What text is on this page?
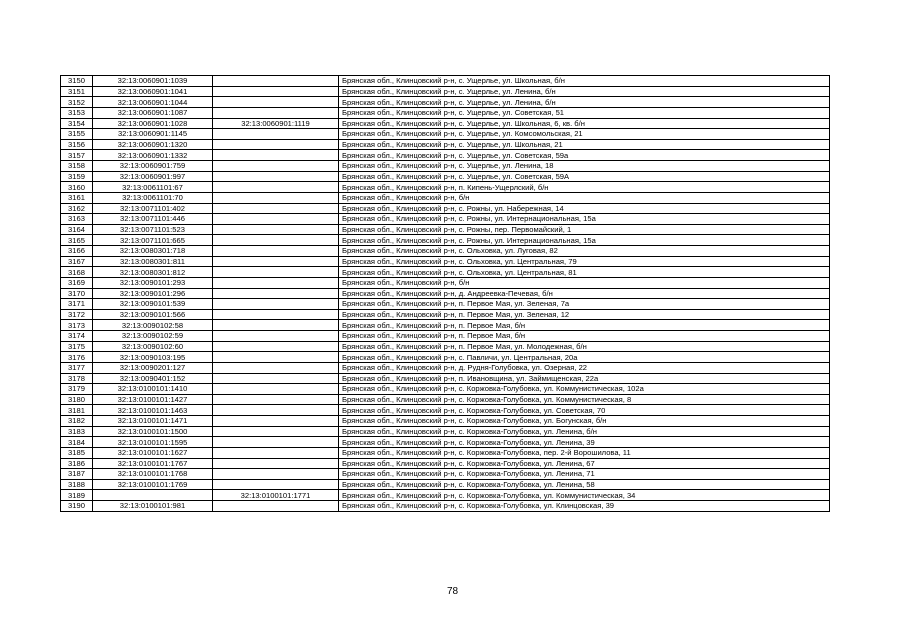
3150	32:13:0060901:1039		Брянская обл., Клинцовский р-н, с. Ущерлье, ул. Школьная, б/н
3151	32:13:0060901:1041		Брянская обл., Клинцовский р-н, с. Ущерлье, ул. Ленина, б/н
3152	32:13:0060901:1044		Брянская обл., Клинцовский р-н, с. Ущерлье, ул. Ленина, б/н
3153	32:13:0060901:1087		Брянская обл., Клинцовский р-н, с. Ущерлье, ул. Советская, 51
3154	32:13:0060901:1028	32:13:0060901:1119	Брянская обл., Клинцовский р-н, с. Ущерлье, ул. Школьная, 6, кв. б/н
3155	32:13:0060901:1145		Брянская обл., Клинцовский р-н, с. Ущерлье, ул. Комсомольская, 21
3156	32:13:0060901:1320		Брянская обл., Клинцовский р-н, с. Ущерлье, ул. Школьная, 21
3157	32:13:0060901:1332		Брянская обл., Клинцовский р-н, с. Ущерлье, ул. Советская, 59а
3158	32:13:0060901:759		Брянская обл., Клинцовский р-н, с. Ущерлье, ул. Ленина, 18
3159	32:13:0060901:997		Брянская обл., Клинцовский р-н, с. Ущерлье, ул. Советская, 59А
3160	32:13:0061101:67		Брянская обл., Клинцовский р-н, п. Кипень-Ущерлский, б/н
3161	32:13:0061101:70		Брянская обл., Клинцовский р-н, б/н
3162	32:13:0071101:402		Брянская обл., Клинцовский р-н, с. Рожны, ул. Набережная, 14
3163	32:13:0071101:446		Брянская обл., Клинцовский р-н, с. Рожны, ул. Интернациональная, 15а
3164	32:13:0071101:523		Брянская обл., Клинцовский р-н, с. Рожны, пер. Первомайский, 1
3165	32:13:0071101:665		Брянская обл., Клинцовский р-н, с. Рожны, ул. Интернациональная, 15а
3166	32:13:0080301:718		Брянская обл., Клинцовский р-н, с. Ольховка, ул. Луговая, 82
3167	32:13:0080301:811		Брянская обл., Клинцовский р-н, с. Ольховка, ул. Центральная, 79
3168	32:13:0080301:812		Брянская обл., Клинцовский р-н, с. Ольховка, ул. Центральная, 81
3169	32:13:0090101:293		Брянская обл., Клинцовский р-н, б/н
3170	32:13:0090101:296		Брянская обл., Клинцовский р-н, д. Андреевка-Печевая, б/н
3171	32:13:0090101:539		Брянская обл., Клинцовский р-н, п. Первое Мая, ул. Зеленая, 7а
3172	32:13:0090101:566		Брянская обл., Клинцовский р-н, п. Первое Мая, ул. Зеленая, 12
3173	32:13:0090102:58		Брянская обл., Клинцовский р-н, п. Первое Мая, б/н
3174	32:13:0090102:59		Брянская обл., Клинцовский р-н, п. Первое Мая, б/н
3175	32:13:0090102:60		Брянская обл., Клинцовский р-н, п. Первое Мая, ул. Молодежная, б/н
3176	32:13:0090103:195		Брянская обл., Клинцовский р-н, с. Павличи, ул. Центральная, 20а
3177	32:13:0090201:127		Брянская обл., Клинцовский р-н, д. Рудня-Голубовка, ул. Озерная, 22
3178	32:13:0090401:152		Брянская обл., Клинцовский р-н, п. Ивановщина, ул. Займищенская, 22а
3179	32:13:0100101:1410		Брянская обл., Клинцовский р-н, с. Коржовка-Голубовка, ул. Коммунистическая, 102а
3180	32:13:0100101:1427		Брянская обл., Клинцовский р-н, с. Коржовка-Голубовка, ул. Коммунистическая, 8
3181	32:13:0100101:1463		Брянская обл., Клинцовский р-н, с. Коржовка-Голубовка, ул. Советская, 70
3182	32:13:0100101:1471		Брянская обл., Клинцовский р-н, с. Коржовка-Голубовка, ул. Богунская, б/н
3183	32:13:0100101:1500		Брянская обл., Клинцовский р-н, с. Коржовка-Голубовка, ул. Ленина, б/н
3184	32:13:0100101:1595		Брянская обл., Клинцовский р-н, с. Коржовка-Голубовка, ул. Ленина, 39
3185	32:13:0100101:1627		Брянская обл., Клинцовский р-н, с. Коржовка-Голубовка, пер. 2-й Ворошилова, 11
3186	32:13:0100101:1767		Брянская обл., Клинцовский р-н, с. Коржовка-Голубовка, ул. Ленина, 67
3187	32:13:0100101:1768		Брянская обл., Клинцовский р-н, с. Коржовка-Голубовка, ул. Ленина, 71
3188	32:13:0100101:1769		Брянская обл., Клинцовский р-н, с. Коржовка-Голубовка, ул. Ленина, 58
3189		32:13:0100101:1771	Брянская обл., Клинцовский р-н, с. Коржовка-Голубовка, ул. Коммунистическая, 34
3190	32:13:0100101:981		Брянская обл., Клинцовский р-н, с. Коржовка-Голубовка, ул. Клинцовская, 39
78
